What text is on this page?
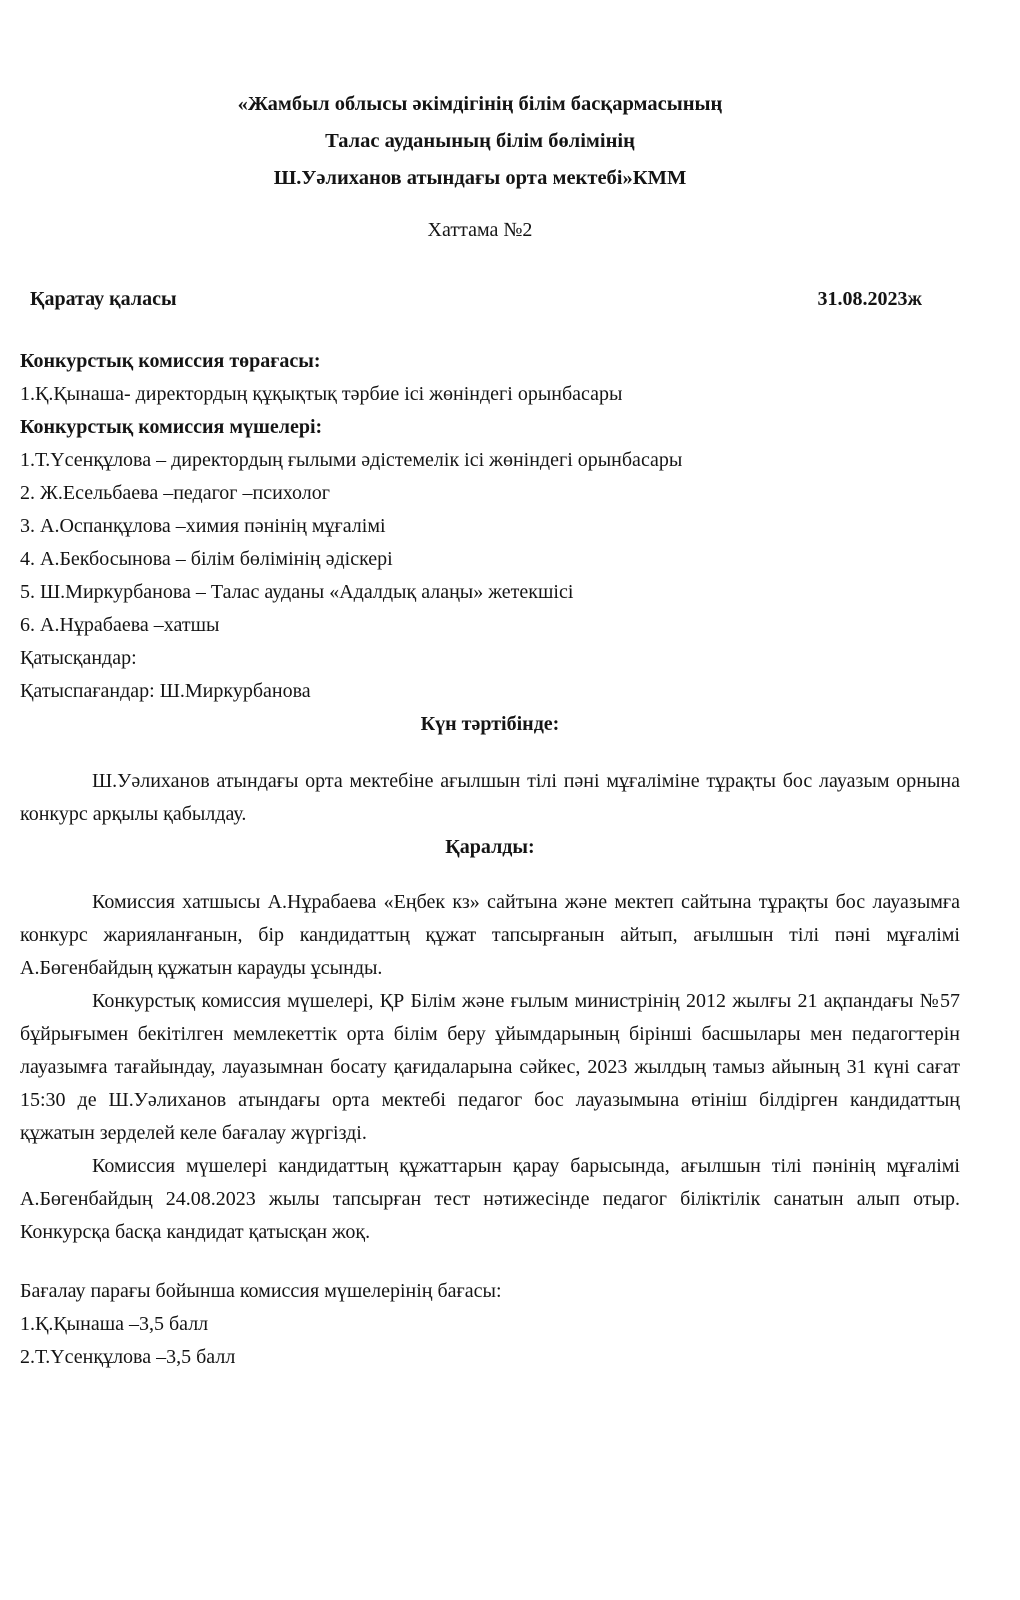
«Жамбыл облысы әкімдігінің білім басқармасының
Талас ауданының білім бөлімінің
Ш.Уәлиханов атындағы орта мектебі»КММ
Хаттама №2
Қаратау қаласы	31.08.2023ж
Конкурстық комиссия төрағасы:
1.Қ.Қынаша- директордың құқықтық тәрбие ісі жөніндегі орынбасары
Конкурстық комиссия мүшелері:
1.Т.Үсенқұлова – директордың ғылыми әдістемелік ісі жөніндегі орынбасары
2. Ж.Есельбаева –педагог –психолог
3. А.Оспанқұлова –химия пәнінің мұғалімі
4. А.Бекбосынова – білім бөлімінің әдіскері
5. Ш.Миркурбанова – Талас ауданы «Адалдық алаңы» жетекшісі
6. А.Нұрабаева –хатшы
Қатысқандар:
Қатыспағандар: Ш.Миркурбанова
Күн тәртібінде:

Ш.Уәлиханов атындағы орта мектебіне ағылшын тілі пәні мұғаліміне тұрақты бос лауазым орнына конкурс арқылы қабылдау.

Қаралды:

Комиссия хатшысы А.Нұрабаева «Еңбек кз» сайтына және мектеп сайтына тұрақты бос лауазымға конкурс жарияланғанын, бір кандидаттың құжат тапсырғанын айтып, ағылшын тілі пәні мұғалімі А.Бөгенбайдың құжатын карауды ұсынды.

Конкурстық комиссия мүшелері, ҚР Білім және ғылым министрінің 2012 жылғы 21 ақпандағы №57 бұйрығымен бекітілген мемлекеттік орта білім беру ұйымдарының бірінші басшылары мен педагогтерін лауазымға тағайындау, лауазымнан босату қағидаларына сәйкес, 2023 жылдың тамыз айының 31 күні сағат 15:30 де Ш.Уәлиханов атындағы орта мектебі педагог бос лауазымына өтініш білдірген кандидаттың құжатын зерделей келе бағалау жүргізді.

Комиссия мүшелері кандидаттың құжаттарын қарау барысында, ағылшын тілі пәнінің мұғалімі А.Бөгенбайдың 24.08.2023 жылы тапсырған тест нәтижесінде педагог біліктілік санатын алып отыр. Конкурсқа басқа кандидат қатысқан жоқ.

Бағалау парағы бойынша комиссия мүшелерінің бағасы:
1.Қ.Қынаша –3,5 балл
2.Т.Үсенқұлова –3,5 балл
